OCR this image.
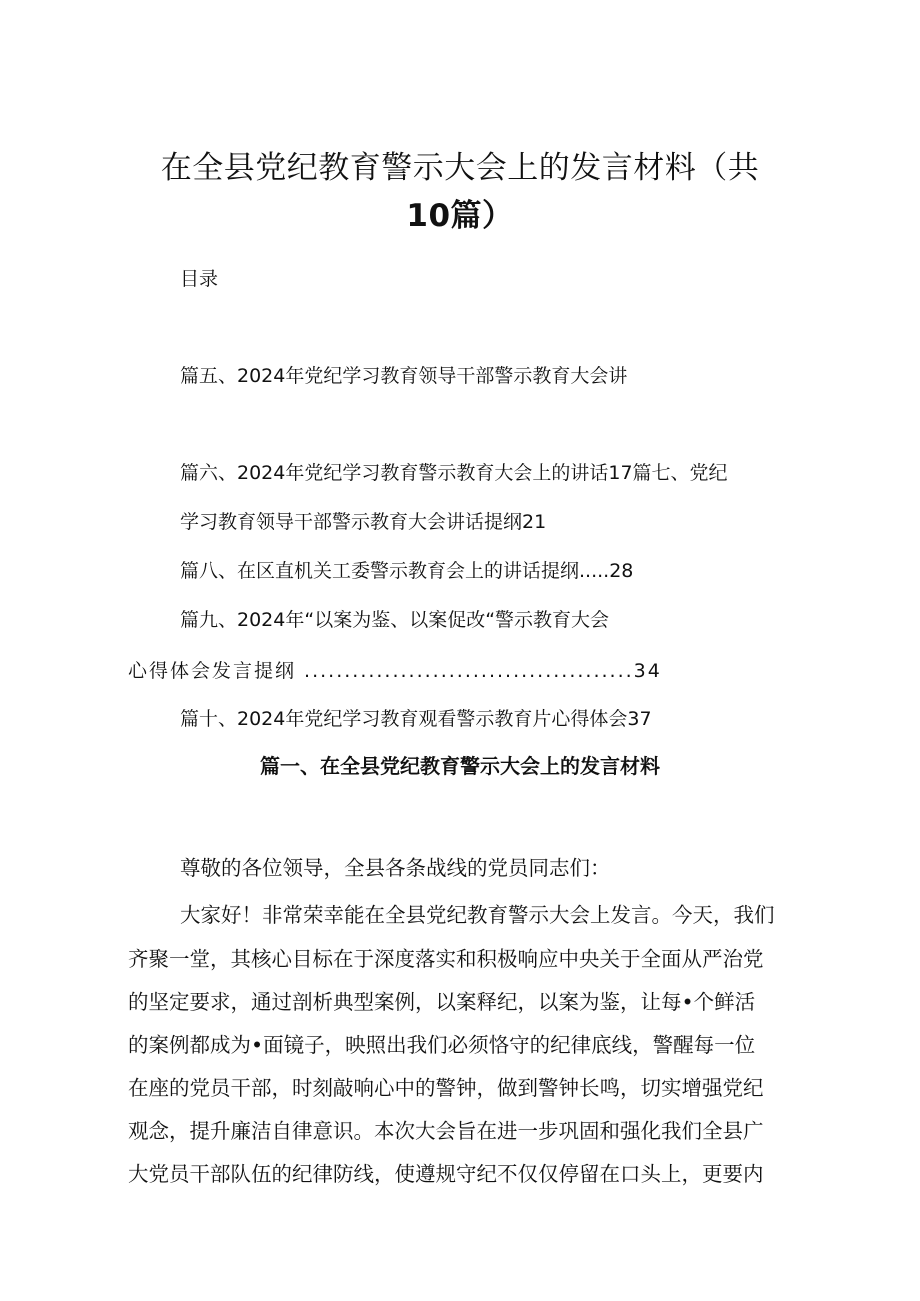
在全县党纪教育警示大会上的发言材料（共
10篇）
目录
篇五、2024年党纪学习教育领导干部警示教育大会讲
篇六、2024年党纪学习教育警示教育大会上的讲话17篇七、党纪
学习教育领导干部警示教育大会讲话提纲21
篇八、在区直机关工委警示教育会上的讲话提纲.....28
篇九、2024年“以案为鉴、以案促改“警示教育大会
心得体会发言提纲 .........................................34
篇十、2024年党纪学习教育观看警示教育片心得体会37
篇一、在全县党纪教育警示大会上的发言材料
尊敬的各位领导，全县各条战线的党员同志们：
大家好！非常荣幸能在全县党纪教育警示大会上发言。今天，我们
齐聚一堂，其核心目标在于深度落实和积极响应中央关于全面从严治党
的坚定要求，通过剖析典型案例，以案释纪，以案为鉴，让每•个鲜活
的案例都成为•面镜子，映照出我们必须恪守的纪律底线，警醒每一位
在座的党员干部，时刻敲响心中的警钟，做到警钟长鸣，切实增强党纪
观念，提升廉洁自律意识。本次大会旨在进一步巩固和强化我们全县广
大党员干部队伍的纪律防线，使遵规守纪不仅仅停留在口头上，更要内
